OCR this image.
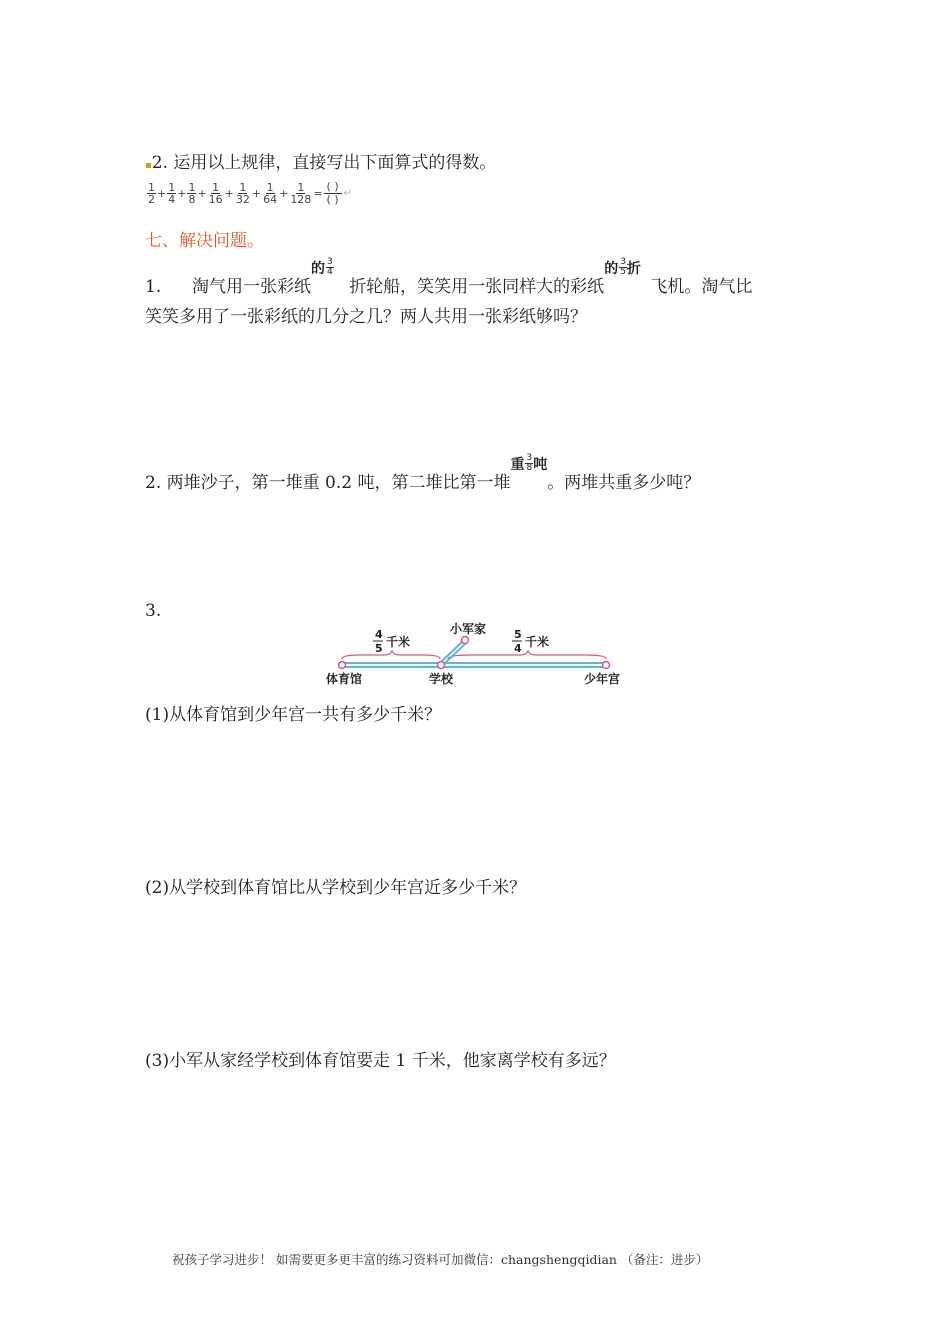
▪2. 运用以上规律，直接写出下面算式的得数。
$\frac{1}{2} + \frac{1}{4} + \frac{1}{8} + \frac{1}{16} + \frac{1}{32} + \frac{1}{64} + \frac{1}{128}$ =
( )
( ) ↵
七、解决问题。
1. 淘气用一张彩纸
的 $\frac{3}{4}$
折轮船，笑笑用一张同样大的彩纸
的 $\frac{3}{5}$ 折
飞机。淘气比
笑笑多用了一张彩纸的几分之几？两人共用一张彩纸够吗？
2. 两堆沙子，第一堆重 0.2 吨，第二堆比第一堆
重 $\frac{3}{8}$ 吨
。两堆共重多少吨？
3.
小军家
体育馆	学校	少年宫
4
5 千米
5
4 千米
(1)从体育馆到少年宫一共有多少千米？
(2)从学校到体育馆比从学校到少年宫近多少千米？
(3)小军从家经学校到体育馆要走 1 千米，他家离学校有多远？
祝孩子学习进步！ 如需要更多更丰富的练习资料可加微信：changshengqidian （备注：进步）
